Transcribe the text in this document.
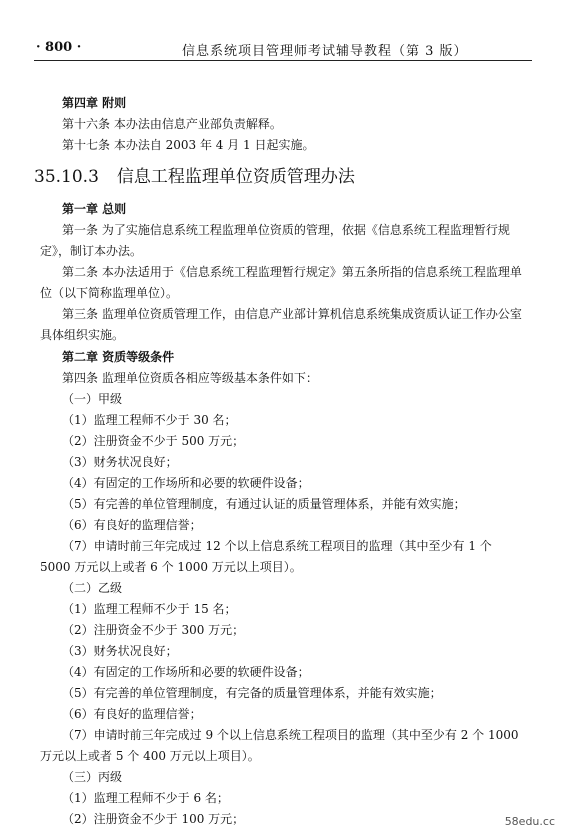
· 800 ·	信息系统项目管理师考试辅导教程（第 3 版）
第四章 附则
第十六条 本办法由信息产业部负责解释。
第十七条 本办法自 2003 年 4 月 1 日起实施。
35.10.3 信息工程监理单位资质管理办法
第一章 总则
第一条 为了实施信息系统工程监理单位资质的管理，依据《信息系统工程监理暂行规定》，制订本办法。
第二条 本办法适用于《信息系统工程监理暂行规定》第五条所指的信息系统工程监理单位（以下简称监理单位）。
第三条 监理单位资质管理工作，由信息产业部计算机信息系统集成资质认证工作办公室具体组织实施。
第二章 资质等级条件
第四条 监理单位资质各相应等级基本条件如下：
（一）甲级
（1）监理工程师不少于 30 名；
（2）注册资金不少于 500 万元；
（3）财务状况良好；
（4）有固定的工作场所和必要的软硬件设备；
（5）有完善的单位管理制度，有通过认证的质量管理体系，并能有效实施；
（6）有良好的监理信誉；
（7）申请时前三年完成过 12 个以上信息系统工程项目的监理（其中至少有 1 个 5000 万元以上或者 6 个 1000 万元以上项目）。
（二）乙级
（1）监理工程师不少于 15 名；
（2）注册资金不少于 300 万元；
（3）财务状况良好；
（4）有固定的工作场所和必要的软硬件设备；
（5）有完善的单位管理制度，有完备的质量管理体系，并能有效实施；
（6）有良好的监理信誉；
（7）申请时前三年完成过 9 个以上信息系统工程项目的监理（其中至少有 2 个 1000 万元以上或者 5 个 400 万元以上项目）。
（三）丙级
（1）监理工程师不少于 6 名；
（2）注册资金不少于 100 万元；	58edu.cc
